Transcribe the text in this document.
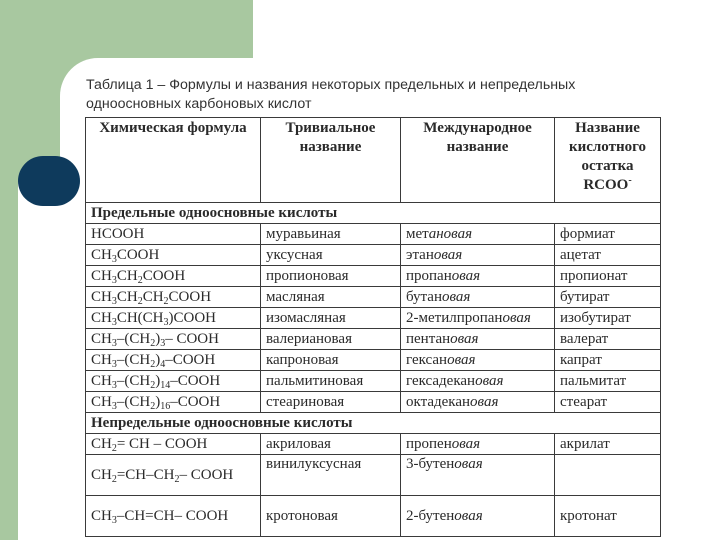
Таблица 1 – Формулы и названия некоторых предельных и непредельных одноосновных карбоновых кислот
Химическая формула	Тривиальное название	Международное название	Название кислотного остатка
RCOO-
Предельные одноосновные кислоты			
HCOOH	муравьиная	метановая	формиат
$CH_3COOH$	уксусная	этановая	ацетат
$CH_3CH_2COOH$	пропионовая	пропановая	пропионат
$CH_3CH_2CH_2COOH$	масляная	бутановая	бутират
$CH_3CH(CH_3)COOH$	изомасляная	2-метилпропановая	изобутират
$CH_3-(CH_2)_3-$ COOH	валериановая	пентановая	валерат
$CH_3-(CH_2)_4$–COOH	капроновая	гексановая	капрат
$CH_3-(CH_2)_{14}$–COOH	пальмитиновая	гексадекановая	пальмитат
$CH_3-(CH_2)_{16}$–COOH	стеариновая	октадекановая	стеарат
Непредельные одноосновные кислоты			
$CH_2=$ CH – COOH	акриловая	пропеновая	акрилат
$CH_2=CH-CH_2-$ COOH	винилуксусная	3-бутеновая	
$CH_3-CH=CH-$ COOH	кротоновая	2-бутеновая	кротонат
